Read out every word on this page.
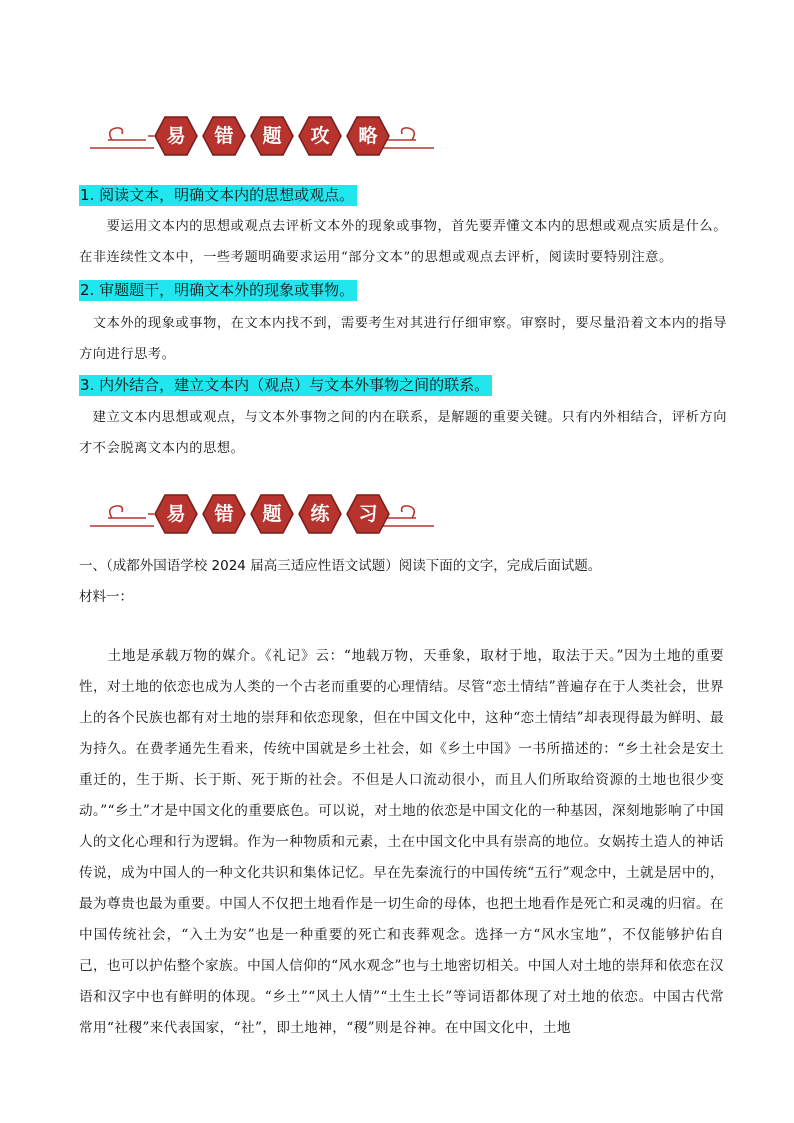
易	错	题	攻	略
1. 阅读文本，明确文本内的思想或观点。
　　要运用文本内的思想或观点去评析文本外的现象或事物，首先要弄懂文本内的思想或观点实质是什么。在非连续性文本中，一些考题明确要求运用“部分文本”的思想或观点去评析，阅读时要特别注意。
2. 审题题干，明确文本外的现象或事物。
　文本外的现象或事物，在文本内找不到，需要考生对其进行仔细审察。审察时，要尽量沿着文本内的指导方向进行思考。
3. 内外结合，建立文本内（观点）与文本外事物之间的联系。
　建立文本内思想或观点，与文本外事物之间的内在联系，是解题的重要关键。只有内外相结合，评析方向才不会脱离文本内的思想。
易	错	题	练	习
一、（成都外国语学校 2024 届高三适应性语文试题）阅读下面的文字，完成后面试题。
材料一：
　　土地是承载万物的媒介。《礼记》云：“地载万物，天垂象，取材于地，取法于天。”因为土地的重要性，对土地的依恋也成为人类的一个古老而重要的心理情结。尽管“恋土情结”普遍存在于人类社会，世界上的各个民族也都有对土地的崇拜和依恋现象，但在中国文化中，这种“恋土情结”却表现得最为鲜明、最为持久。在费孝通先生看来，传统中国就是乡土社会，如《乡土中国》一书所描述的：“乡土社会是安土重迁的，生于斯、长于斯、死于斯的社会。不但是人口流动很小，而且人们所取给资源的土地也很少变动。”“乡土”才是中国文化的重要底色。可以说，对土地的依恋是中国文化的一种基因，深刻地影响了中国人的文化心理和行为逻辑。作为一种物质和元素，土在中国文化中具有崇高的地位。女娲抟土造人的神话传说，成为中国人的一种文化共识和集体记忆。早在先秦流行的中国传统“五行”观念中，土就是居中的，最为尊贵也最为重要。中国人不仅把土地看作是一切生命的母体，也把土地看作是死亡和灵魂的归宿。在中国传统社会，“入土为安”也是一种重要的死亡和丧葬观念。选择一方“风水宝地”，不仅能够护佑自己，也可以护佑整个家族。中国人信仰的“风水观念”也与土地密切相关。中国人对土地的崇拜和依恋在汉语和汉字中也有鲜明的体现。“乡土”“风土人情”“土生土长”等词语都体现了对土地的依恋。中国古代常常用“社稷”来代表国家，“社”，即土地神，“稷”则是谷神。在中国文化中，土地
